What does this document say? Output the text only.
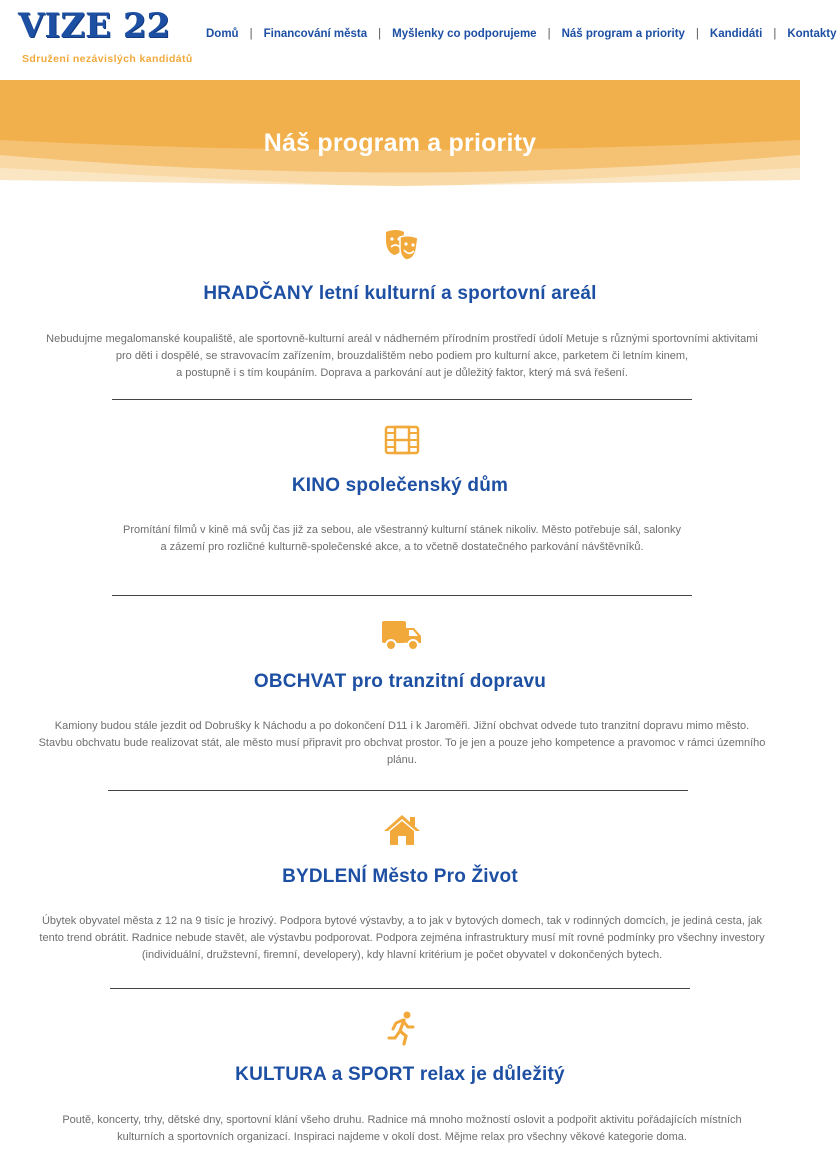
VIZE 22
Sdružení nezávislých kandidátů
Domů | Financování města | Myšlenky co podporujeme | Náš program a priority | Kandidáti | Kontakty
Náš program a priority
HRADČANY letní kulturní a sportovní areál
Nebudujme megalomanské koupaliště, ale sportovně-kulturní areál v nádherném přírodním prostředí údolí Metuje s různými sportovními aktivitami
pro děti i dospělé, se stravovacím zařízením, brouzdalištěm nebo podiem pro kulturní akce, parketem či letním kinem,
a postupně i s tím koupáním. Doprava a parkování aut je důležitý faktor, který má svá řešení.
KINO společenský dům
Promítání filmů v kině má svůj čas již za sebou, ale všestranný kulturní stánek nikoliv. Město potřebuje sál, salonky
a zázemí pro rozličné kulturně-společenské akce, a to včetně dostatečného parkování návštěvníků.
OBCHVAT pro tranzitní dopravu
Kamiony budou stále jezdit od Dobrušky k Náchodu a po dokončení D11 i k Jaroměři. Jižní obchvat odvede tuto tranzitní dopravu mimo město.
Stavbu obchvatu bude realizovat stát, ale město musí připravit pro obchvat prostor. To je jen a pouze jeho kompetence a pravomoc v rámci územního
plánu.
BYDLENÍ Město Pro Život
Úbytek obyvatel města z 12 na 9 tisíc je hrozivý. Podpora bytové výstavby, a to jak v bytových domech, tak v rodinných domcích, je jediná cesta, jak
tento trend obrátit. Radnice nebude stavět, ale výstavbu podporovat. Podpora zejména infrastruktury musí mít rovné podmínky pro všechny investory
(individuální, družstevní, firemní, developery), kdy hlavní kritérium je počet obyvatel v dokončených bytech.
KULTURA a SPORT relax je důležitý
Poutě, koncerty, trhy, dětské dny, sportovní klání všeho druhu. Radnice má mnoho možností oslovit a podpořit aktivitu pořádajících místních
kulturních a sportovních organizací. Inspiraci najdeme v okolí dost. Mějme relax pro všechny věkové kategorie doma.
